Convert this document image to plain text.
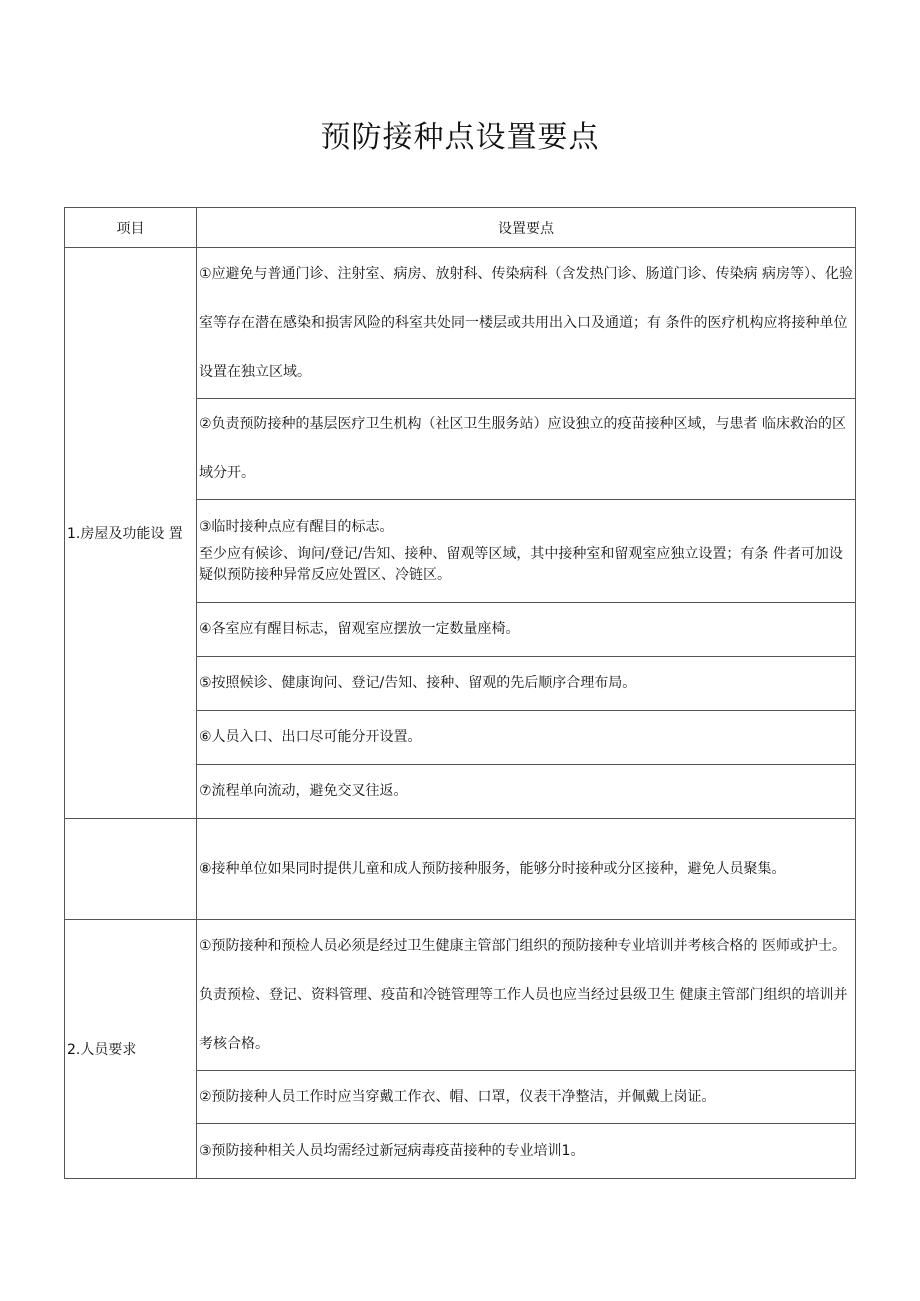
预防接种点设置要点
项目	设置要点
1.房屋及功能设 置	①应避免与普通门诊、注射室、病房、放射科、传染病科（含发热门诊、肠道门诊、传染病 病房等）、化验室等存在潜在感染和损害风险的科室共处同一楼层或共用出入口及通道；有 条件的医疗机构应将接种单位设置在独立区域。
	②负责预防接种的基层医疗卫生机构（社区卫生服务站）应设独立的疫苗接种区域，与患者 临床救治的区域分开。

	③临时接种点应有醒目的标志。
至少应有候诊、询问/登记/告知、接种、留观等区域，其中接种室和留观室应独立设置；有条 件者可加设疑似预防接种异常反应处置区、冷链区。

	④各室应有醒目标志，留观室应摆放一定数量座椅。
	⑤按照候诊、健康询问、登记/告知、接种、留观的先后顺序合理布局。
	⑥人员入口、出口尽可能分开设置。
	⑦流程单向流动，避免交叉往返。
	⑧接种单位如果同时提供儿童和成人预防接种服务，能够分时接种或分区接种，避免人员聚集。
2.人员要求	①预防接种和预检人员必须是经过卫生健康主管部门组织的预防接种专业培训并考核合格的 医师或护士。负责预检、登记、资料管理、疫苗和冷链管理等工作人员也应当经过县级卫生 健康主管部门组织的培训并考核合格。
	②预防接种人员工作时应当穿戴工作衣、帽、口罩，仪表干净整洁，并佩戴上岗证。
	③预防接种相关人员均需经过新冠病毒疫苗接种的专业培训1。
